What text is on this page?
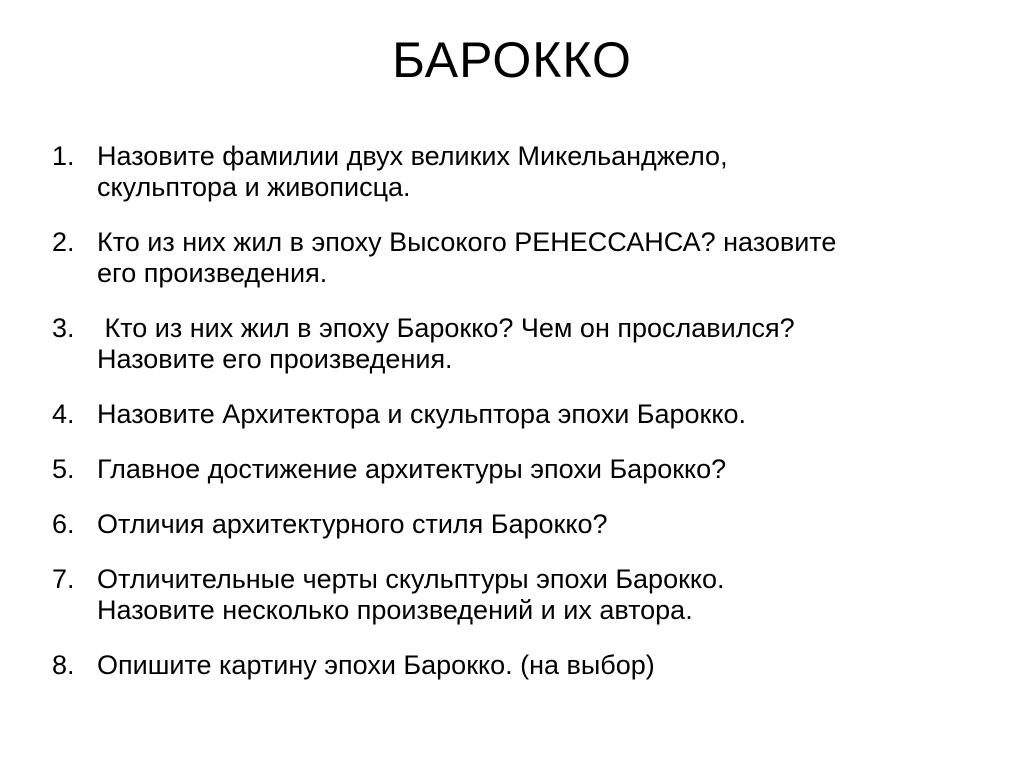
БАРОККО
1. Назовите фамилии двух великих Микельанджело,
скульптора и живописца.
2. Кто из них жил в эпоху Высокого РЕНЕССАНСА? назовите
его произведения.
3. Кто из них жил в эпоху Барокко? Чем он прославился?
Назовите его произведения.
4. Назовите Архитектора и скульптора эпохи Барокко.
5. Главное достижение архитектуры эпохи Барокко?
6. Отличия архитектурного стиля Барокко?
7. Отличительные черты скульптуры эпохи Барокко.
Назовите несколько произведений и их автора.
8. Опишите картину эпохи Барокко. (на выбор)
